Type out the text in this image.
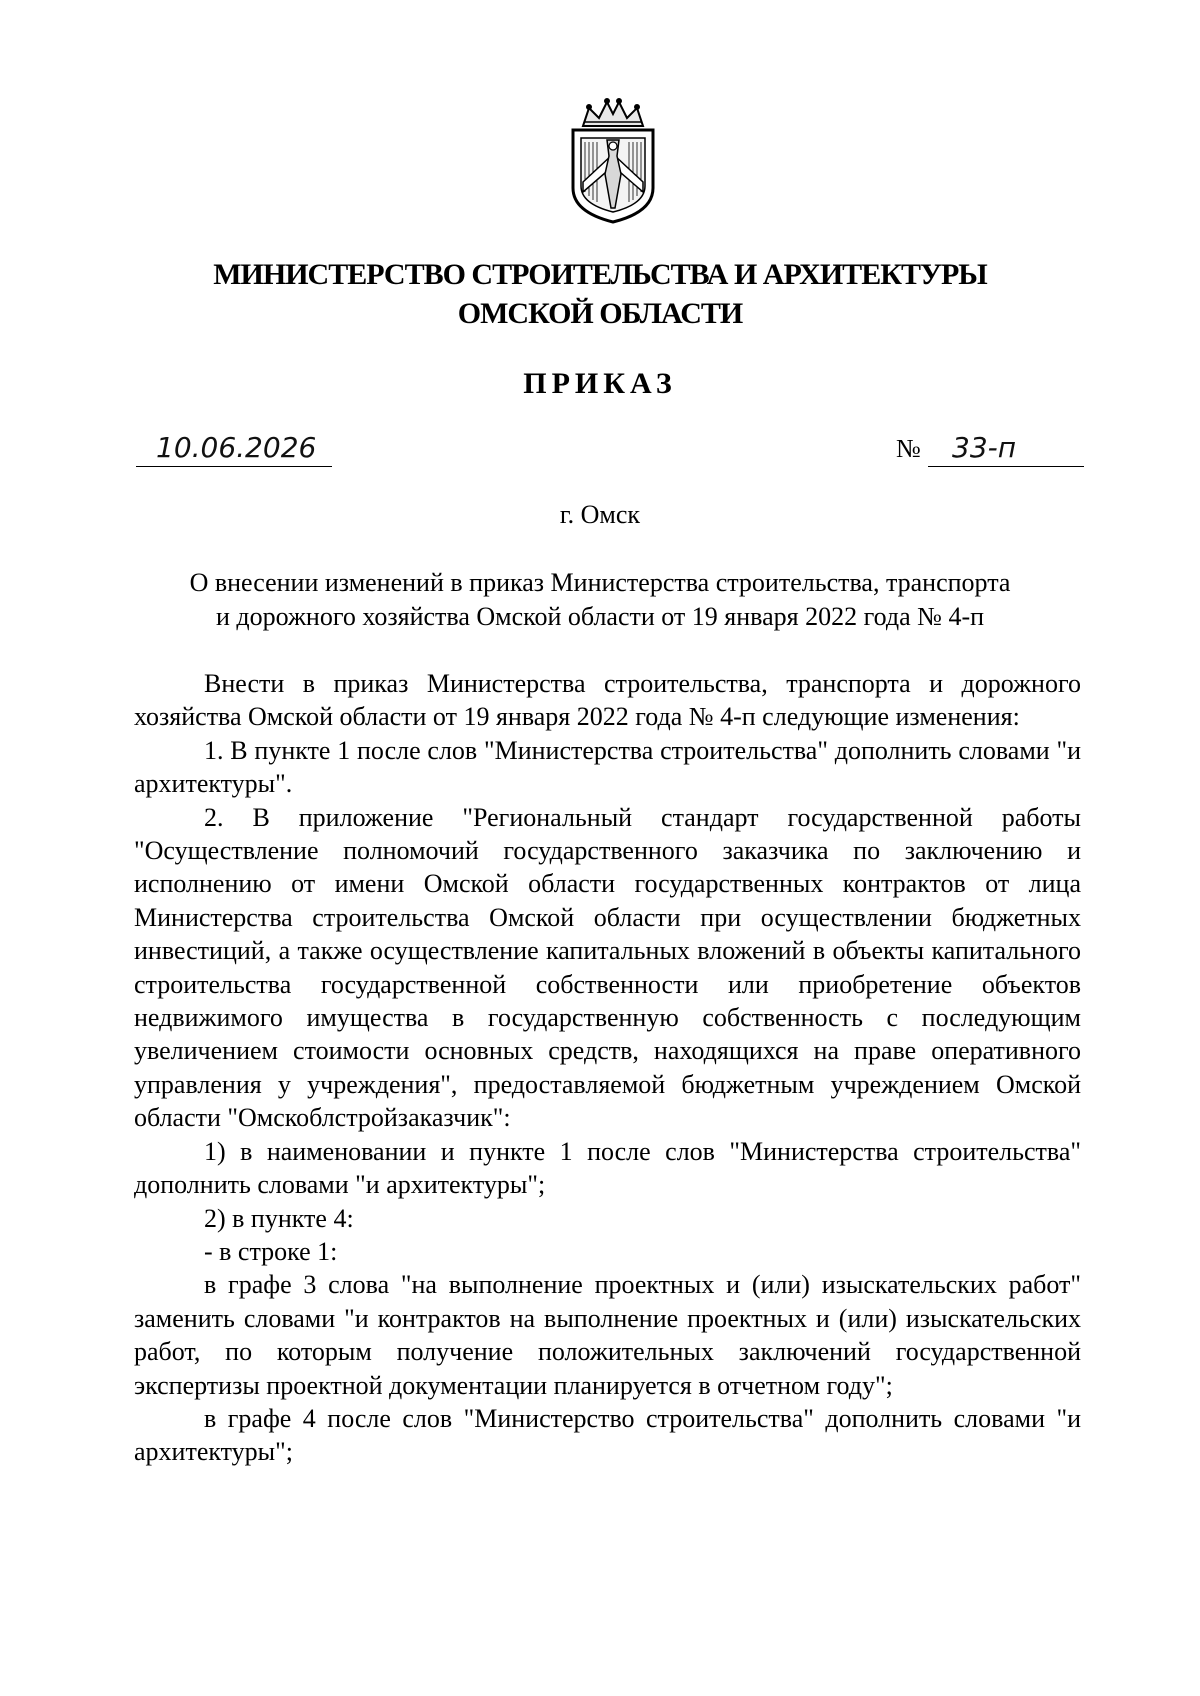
МИНИСТЕРСТВО СТРОИТЕЛЬСТВА И АРХИТЕКТУРЫ
ОМСКОЙ ОБЛАСТИ
ПРИКАЗ
10.06.2026	№ 33-п
г. Омск
О внесении изменений в приказ Министерства строительства, транспорта
и дорожного хозяйства Омской области от 19 января 2022 года № 4-п

Внести в приказ Министерства строительства, транспорта и дорожного хозяйства Омской области от 19 января 2022 года № 4-п следующие изменения:

1. В пункте 1 после слов "Министерства строительства" дополнить словами "и архитектуры".

2. В приложение "Региональный стандарт государственной работы "Осуществление полномочий государственного заказчика по заключению и исполнению от имени Омской области государственных контрактов от лица Министерства строительства Омской области при осуществлении бюджетных инвестиций, а также осуществление капитальных вложений в объекты капитального строительства государственной собственности или приобретение объектов недвижимого имущества в государственную собственность с последующим увеличением стоимости основных средств, находящихся на праве оперативного управления у учреждения", предоставляемой бюджетным учреждением Омской области "Омскоблстройзаказчик":

1) в наименовании и пункте 1 после слов "Министерства строительства" дополнить словами "и архитектуры";

2) в пункте 4:

- в строке 1:

в графе 3 слова "на выполнение проектных и (или) изыскательских работ" заменить словами "и контрактов на выполнение проектных и (или) изыскательских работ, по которым получение положительных заключений государственной экспертизы проектной документации планируется в отчетном году";

в графе 4 после слов "Министерство строительства" дополнить словами "и архитектуры";
